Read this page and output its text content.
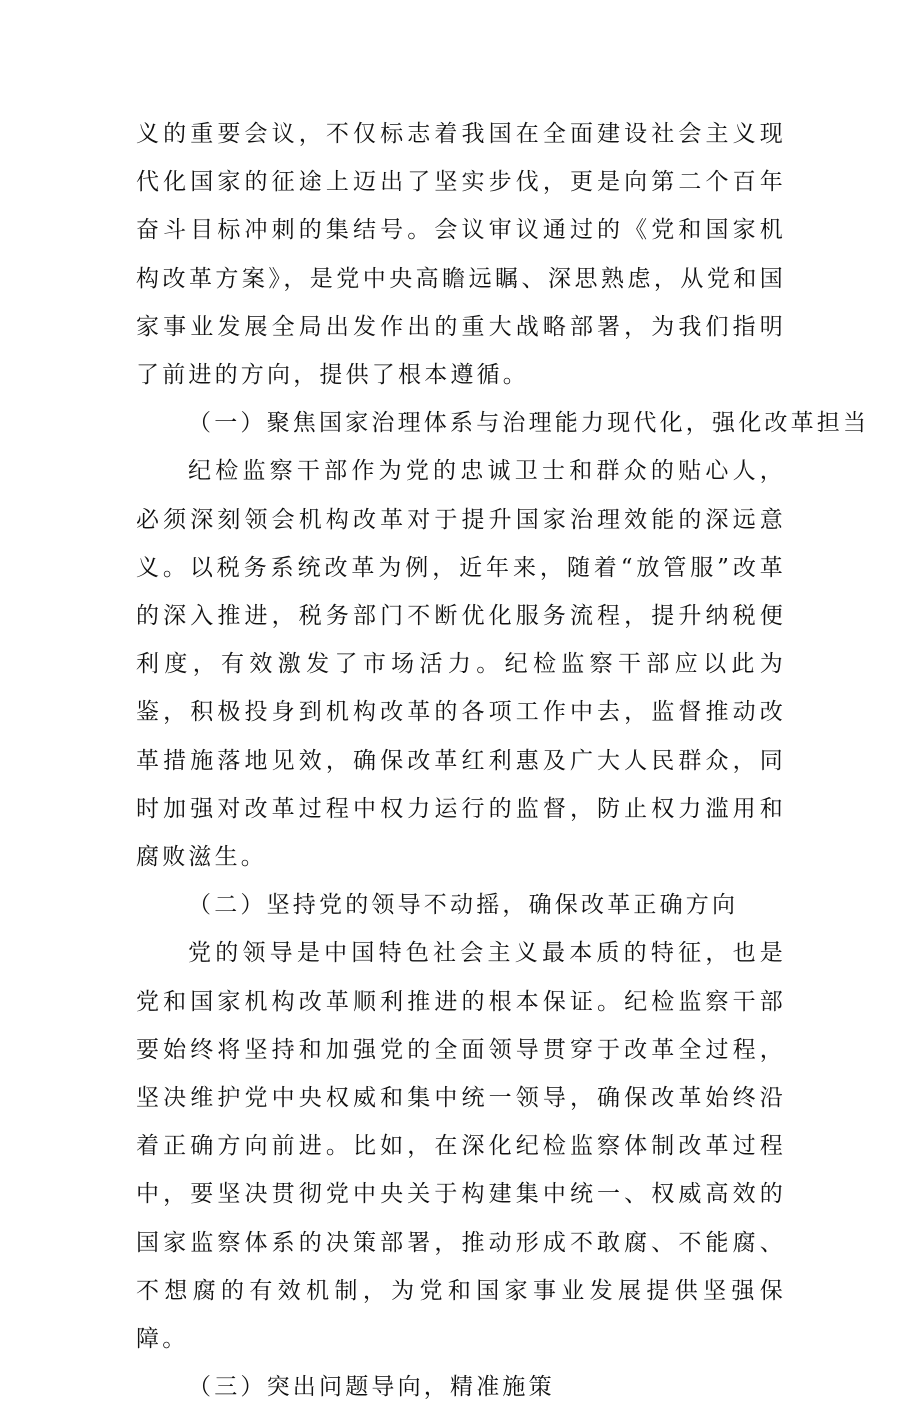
义的重要会议，不仅标志着我国在全面建设社会主义现代化国家的征途上迈出了坚实步伐，更是向第二个百年奋斗目标冲刺的集结号。会议审议通过的《党和国家机构改革方案》，是党中央高瞻远瞩、深思熟虑，从党和国家事业发展全局出发作出的重大战略部署，为我们指明了前进的方向，提供了根本遵循。

（一）聚焦国家治理体系与治理能力现代化，强化改革担当

纪检监察干部作为党的忠诚卫士和群众的贴心人，必须深刻领会机构改革对于提升国家治理效能的深远意义。以税务系统改革为例，近年来，随着“放管服”改革的深入推进，税务部门不断优化服务流程，提升纳税便利度，有效激发了市场活力。纪检监察干部应以此为鉴，积极投身到机构改革的各项工作中去，监督推动改革措施落地见效，确保改革红利惠及广大人民群众，同时加强对改革过程中权力运行的监督，防止权力滥用和腐败滋生。

（二）坚持党的领导不动摇，确保改革正确方向

党的领导是中国特色社会主义最本质的特征，也是党和国家机构改革顺利推进的根本保证。纪检监察干部要始终将坚持和加强党的全面领导贯穿于改革全过程，坚决维护党中央权威和集中统一领导，确保改革始终沿着正确方向前进。比如，在深化纪检监察体制改革过程中，要坚决贯彻党中央关于构建集中统一、权威高效的国家监察体系的决策部署，推动形成不敢腐、不能腐、不想腐的有效机制，为党和国家事业发展提供坚强保障。

（三）突出问题导向，精准施策
